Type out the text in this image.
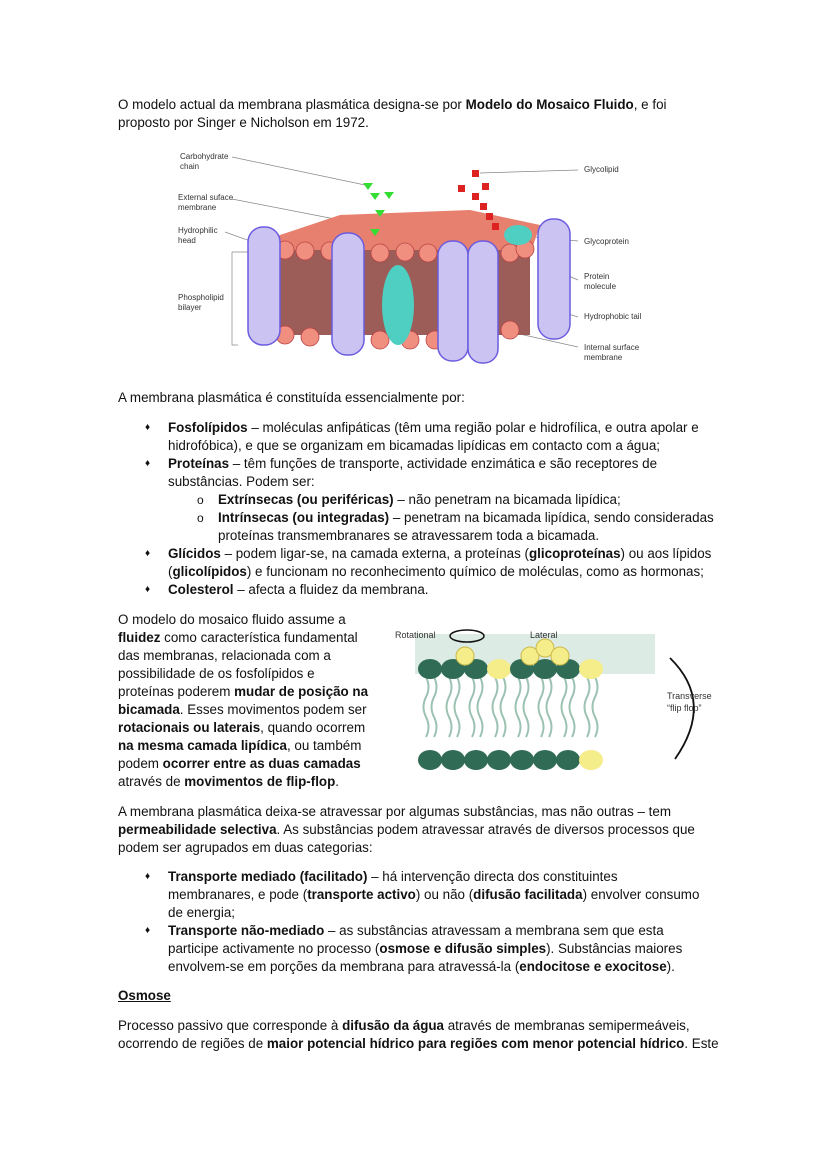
O modelo actual da membrana plasmática designa-se por Modelo do Mosaico Fluido, e foi
proposto por Singer e Nicholson em 1972.
Carbohydrate chain
External suface membrane
Hydrophilic head
Phospholipid bilayer
Glycolipid
Glycoprotein
Protein molecule
Hydrophobic tail
Internal surface membrane
A membrana plasmática é constituída essencialmente por:
♦ Fosfolípidos – moléculas anfipáticas (têm uma região polar e hidrofílica, e outra apolar e
hidrofóbica), e que se organizam em bicamadas lipídicas em contacto com a água;
♦ Proteínas – têm funções de transporte, actividade enzimática e são receptores de
substâncias. Podem ser:
o Extrínsecas (ou periféricas) – não penetram na bicamada lipídica;
o Intrínsecas (ou integradas) – penetram na bicamada lipídica, sendo consideradas
proteínas transmembranares se atravessarem toda a bicamada.
♦ Glícidos – podem ligar-se, na camada externa, a proteínas (glicoproteínas) ou aos lípidos
(glicolípidos) e funcionam no reconhecimento químico de moléculas, como as hormonas;
♦ Colesterol – afecta a fluidez da membrana.
O modelo do mosaico fluido assume a
fluidez como característica fundamental
das membranas, relacionada com a
possibilidade de os fosfolípidos e
proteínas poderem mudar de posição na
bicamada. Esses movimentos podem ser
rotacionais ou laterais, quando ocorrem
na mesma camada lipídica, ou também
podem ocorrer entre as duas camadas
através de movimentos de flip-flop.
Rotational	Lateral
Transverse
“flip flop”
A membrana plasmática deixa-se atravessar por algumas substâncias, mas não outras – tem
permeabilidade selectiva. As substâncias podem atravessar através de diversos processos que
podem ser agrupados em duas categorias:
♦ Transporte mediado (facilitado) – há intervenção directa dos constituintes
membranares, e pode (transporte activo) ou não (difusão facilitada) envolver consumo
de energia;
♦ Transporte não-mediado – as substâncias atravessam a membrana sem que esta
participe activamente no processo (osmose e difusão simples). Substâncias maiores
envolvem-se em porções da membrana para atravessá-la (endocitose e exocitose).
Osmose
Processo passivo que corresponde à difusão da água através de membranas semipermeáveis,
ocorrendo de regiões de maior potencial hídrico para regiões com menor potencial hídrico. Este
